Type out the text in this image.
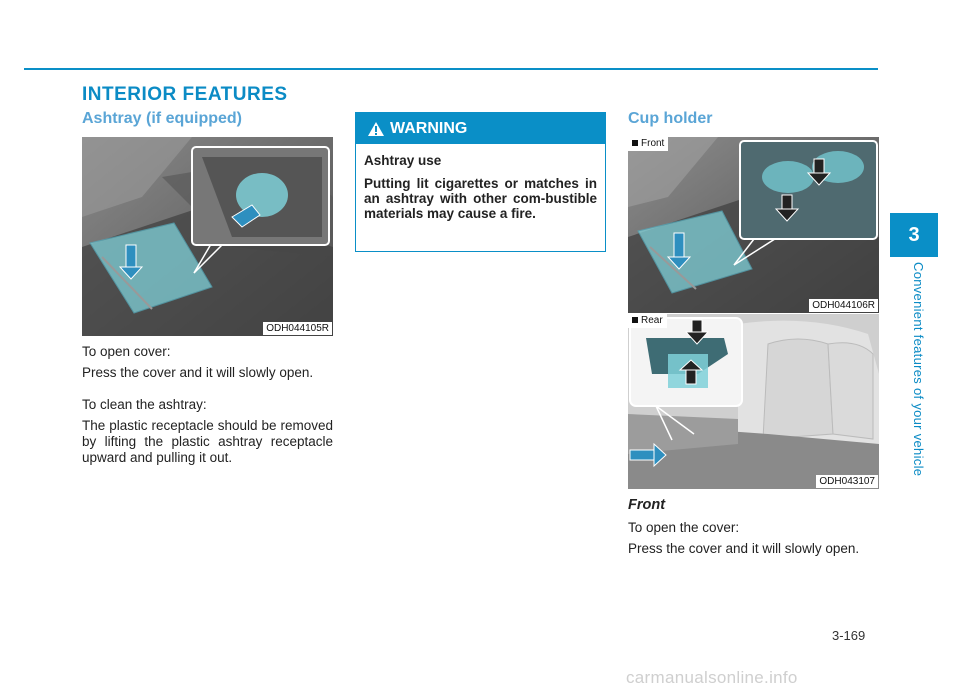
INTERIOR FEATURES
Ashtray (if equipped)
ODH044105R

To open cover:

Press the cover and it will slowly open.

To clean the ashtray:

The plastic receptacle should be removed by lifting the plastic ashtray receptacle upward and pulling it out.

WARNING
Ashtray use
Putting lit cigarettes or matches in an ashtray with other com-bustible materials may cause a fire.
Cup holder
Front
ODH044106R
Rear
ODH043107

Front

To open the cover:

Press the cover and it will slowly open.

3
Convenient features of your vehicle
3-169
carmanualsonline.info
